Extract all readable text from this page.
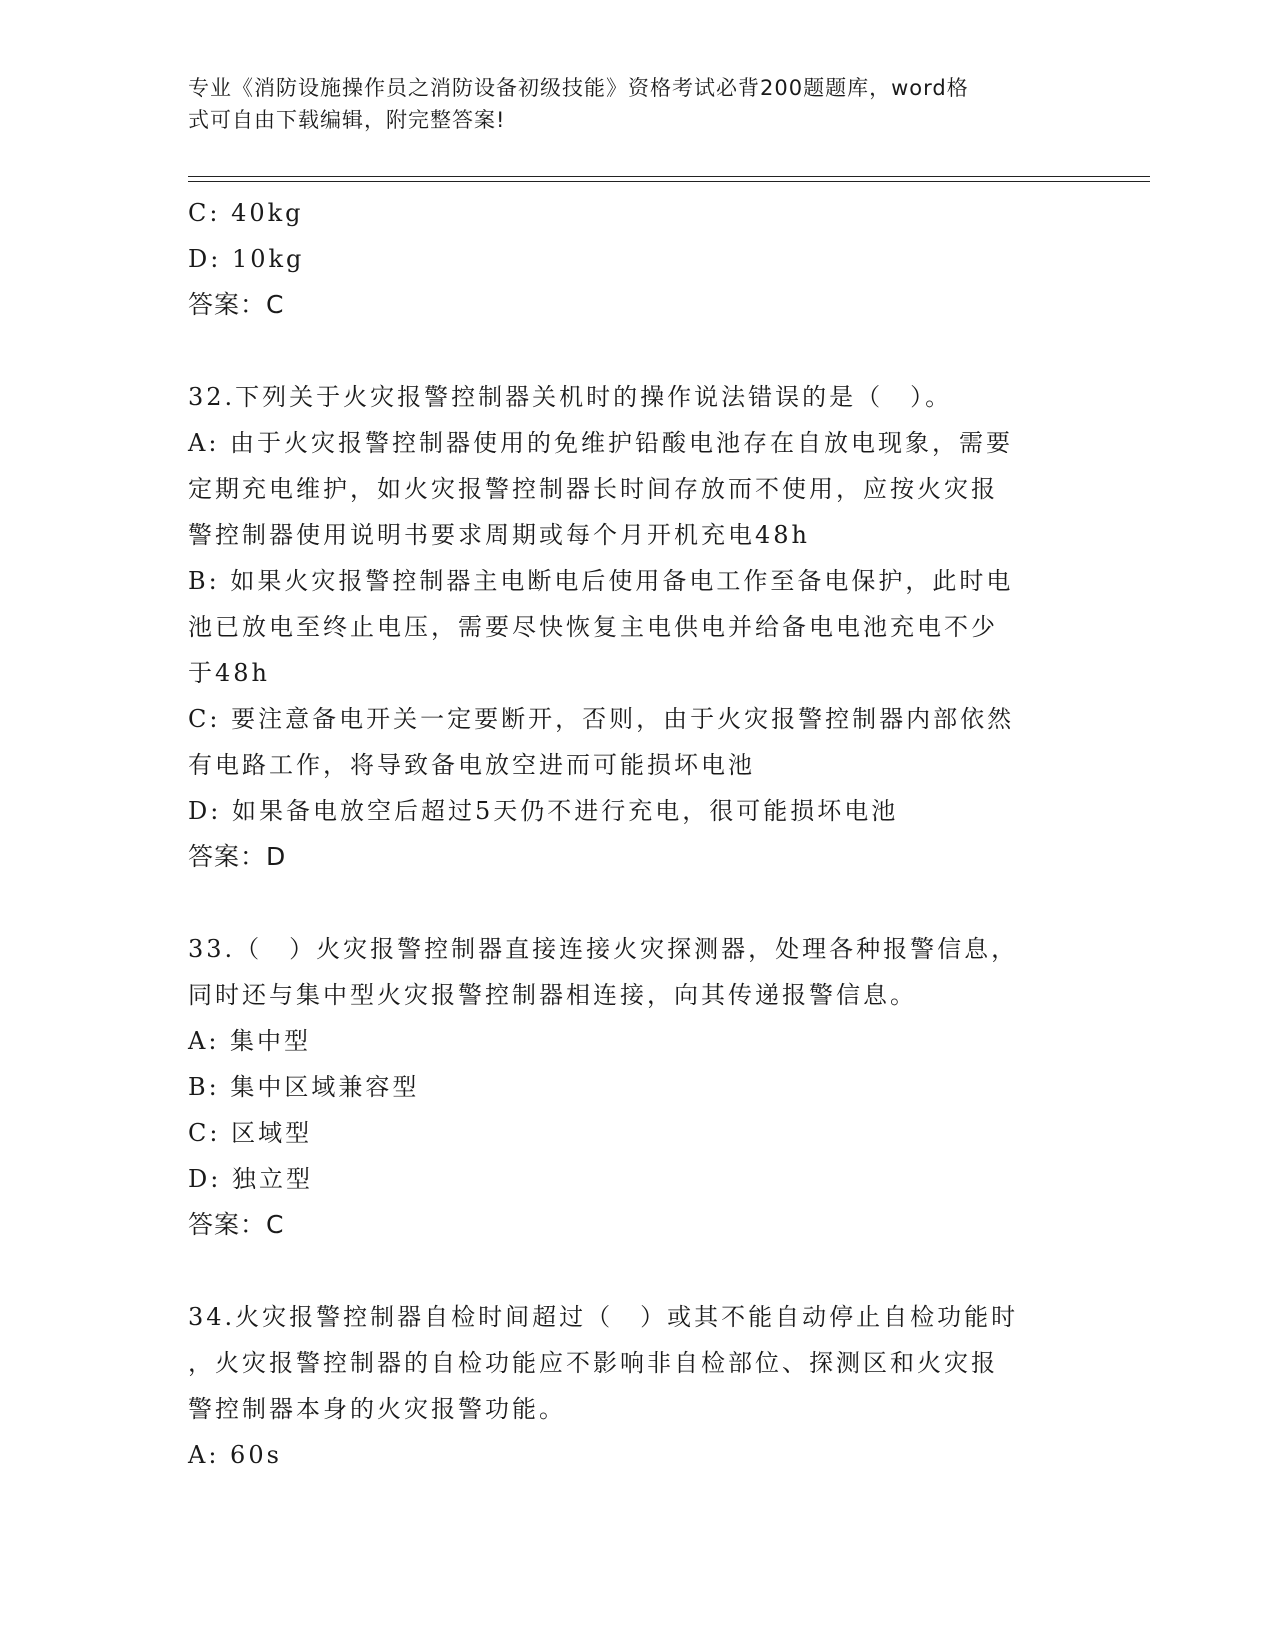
专业《消防设施操作员之消防设备初级技能》资格考试必背200题题库，word格
式可自由下载编辑，附完整答案!
C: 40kg
D: 10kg
答案：C
32.下列关于火灾报警控制器关机时的操作说法错误的是（　）。
A: 由于火灾报警控制器使用的免维护铅酸电池存在自放电现象，需要
定期充电维护，如火灾报警控制器长时间存放而不使用，应按火灾报
警控制器使用说明书要求周期或每个月开机充电48h
B: 如果火灾报警控制器主电断电后使用备电工作至备电保护，此时电
池已放电至终止电压，需要尽快恢复主电供电并给备电电池充电不少
于48h
C: 要注意备电开关一定要断开，否则，由于火灾报警控制器内部依然
有电路工作，将导致备电放空进而可能损坏电池
D: 如果备电放空后超过5天仍不进行充电，很可能损坏电池
答案：D
33.（　）火灾报警控制器直接连接火灾探测器，处理各种报警信息，
同时还与集中型火灾报警控制器相连接，向其传递报警信息。
A: 集中型
B: 集中区域兼容型
C: 区域型
D: 独立型
答案：C
34.火灾报警控制器自检时间超过（　）或其不能自动停止自检功能时
，火灾报警控制器的自检功能应不影响非自检部位、探测区和火灾报
警控制器本身的火灾报警功能。
A: 60s
